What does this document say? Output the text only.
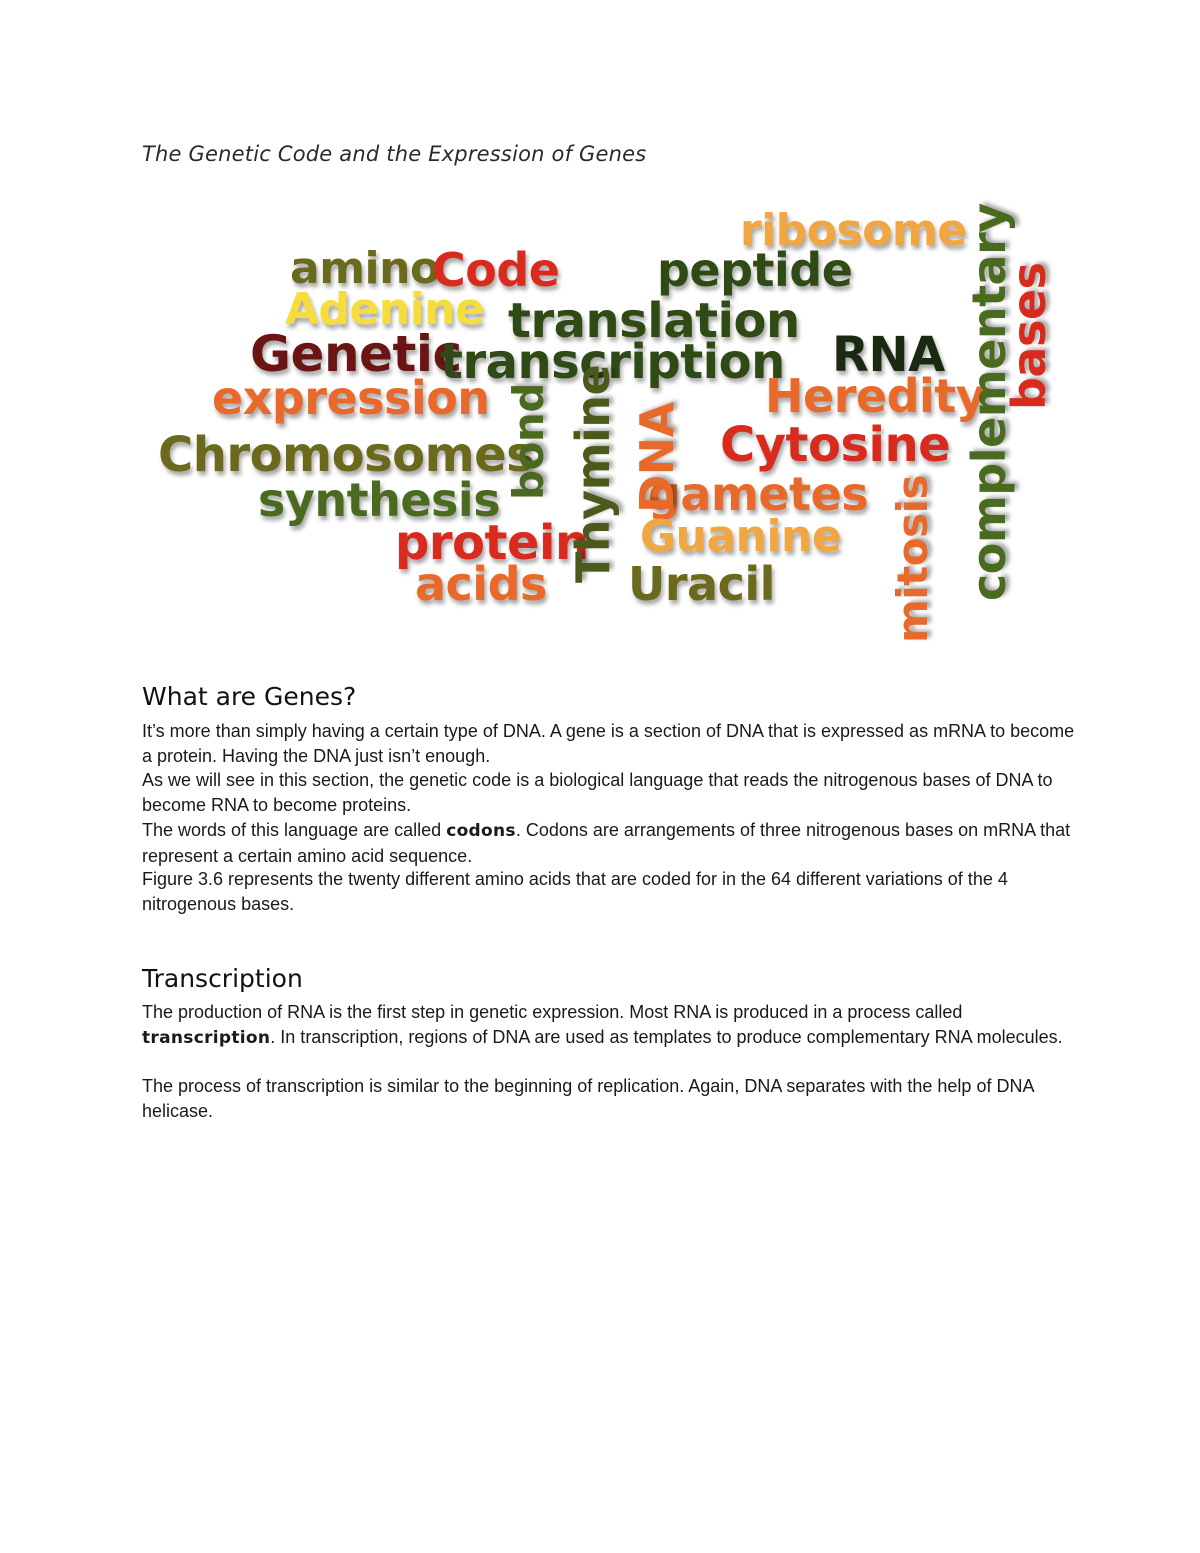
The Genetic Code and the Expression of Genes
ribosome
amino
Code peptide
Adenine translation
Genetic
transcription RNA
expression	Heredity
Chromosomes	Cytosine
synthesis	gametes
protein Guanine
acids Uracil
bond Thymine DNA
mitosis complementary
bases
What are Genes?

It’s more than simply having a certain type of DNA. A gene is a section of DNA that is expressed as mRNA to become a protein. Having the DNA just isn’t enough.

As we will see in this section, the genetic code is a biological language that reads the nitrogenous bases of DNA to become RNA to become proteins.

The words of this language are called codons. Codons are arrangements of three nitrogenous bases on mRNA that represent a certain amino acid sequence.

Figure 3.6 represents the twenty different amino acids that are coded for in the 64 different variations of the 4 nitrogenous bases.

Transcription

The production of RNA is the first step in genetic expression. Most RNA is produced in a process called transcription. In transcription, regions of DNA are used as templates to produce complementary RNA molecules.

The process of transcription is similar to the beginning of replication. Again, DNA separates with the help of DNA helicase.
